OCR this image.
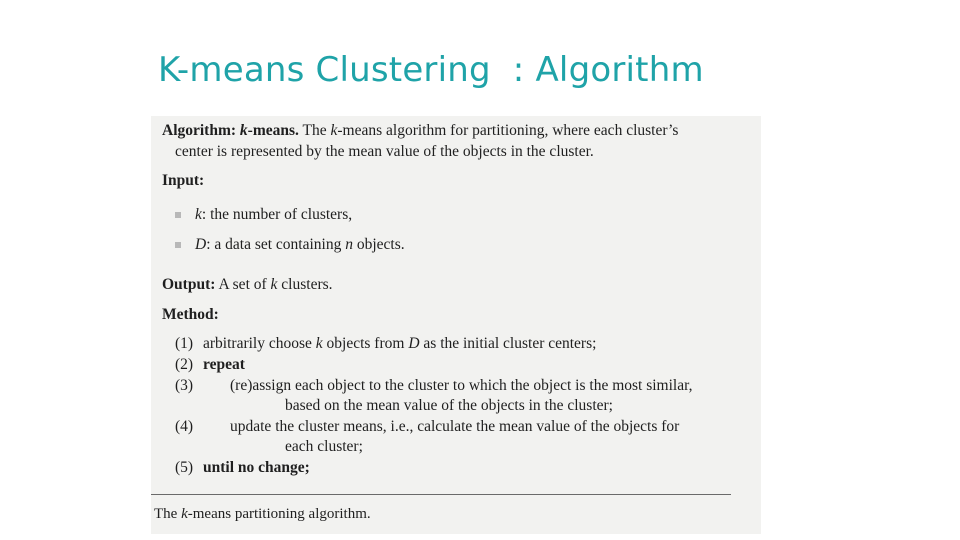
K-means Clustering  : Algorithm

Algorithm: k-means. The k-means algorithm for partitioning, where each cluster’s

center is represented by the mean value of the objects in the cluster.

Input:

k: the number of clusters,

D: a data set containing n objects.

Output: A set of k clusters.

Method:

(1) arbitrarily choose k objects from D as the initial cluster centers;

(2) repeat

(3) (re)assign each object to the cluster to which the object is the most similar,

based on the mean value of the objects in the cluster;

(4) update the cluster means, i.e., calculate the mean value of the objects for

each cluster;

(5) until no change;

The k-means partitioning algorithm.
